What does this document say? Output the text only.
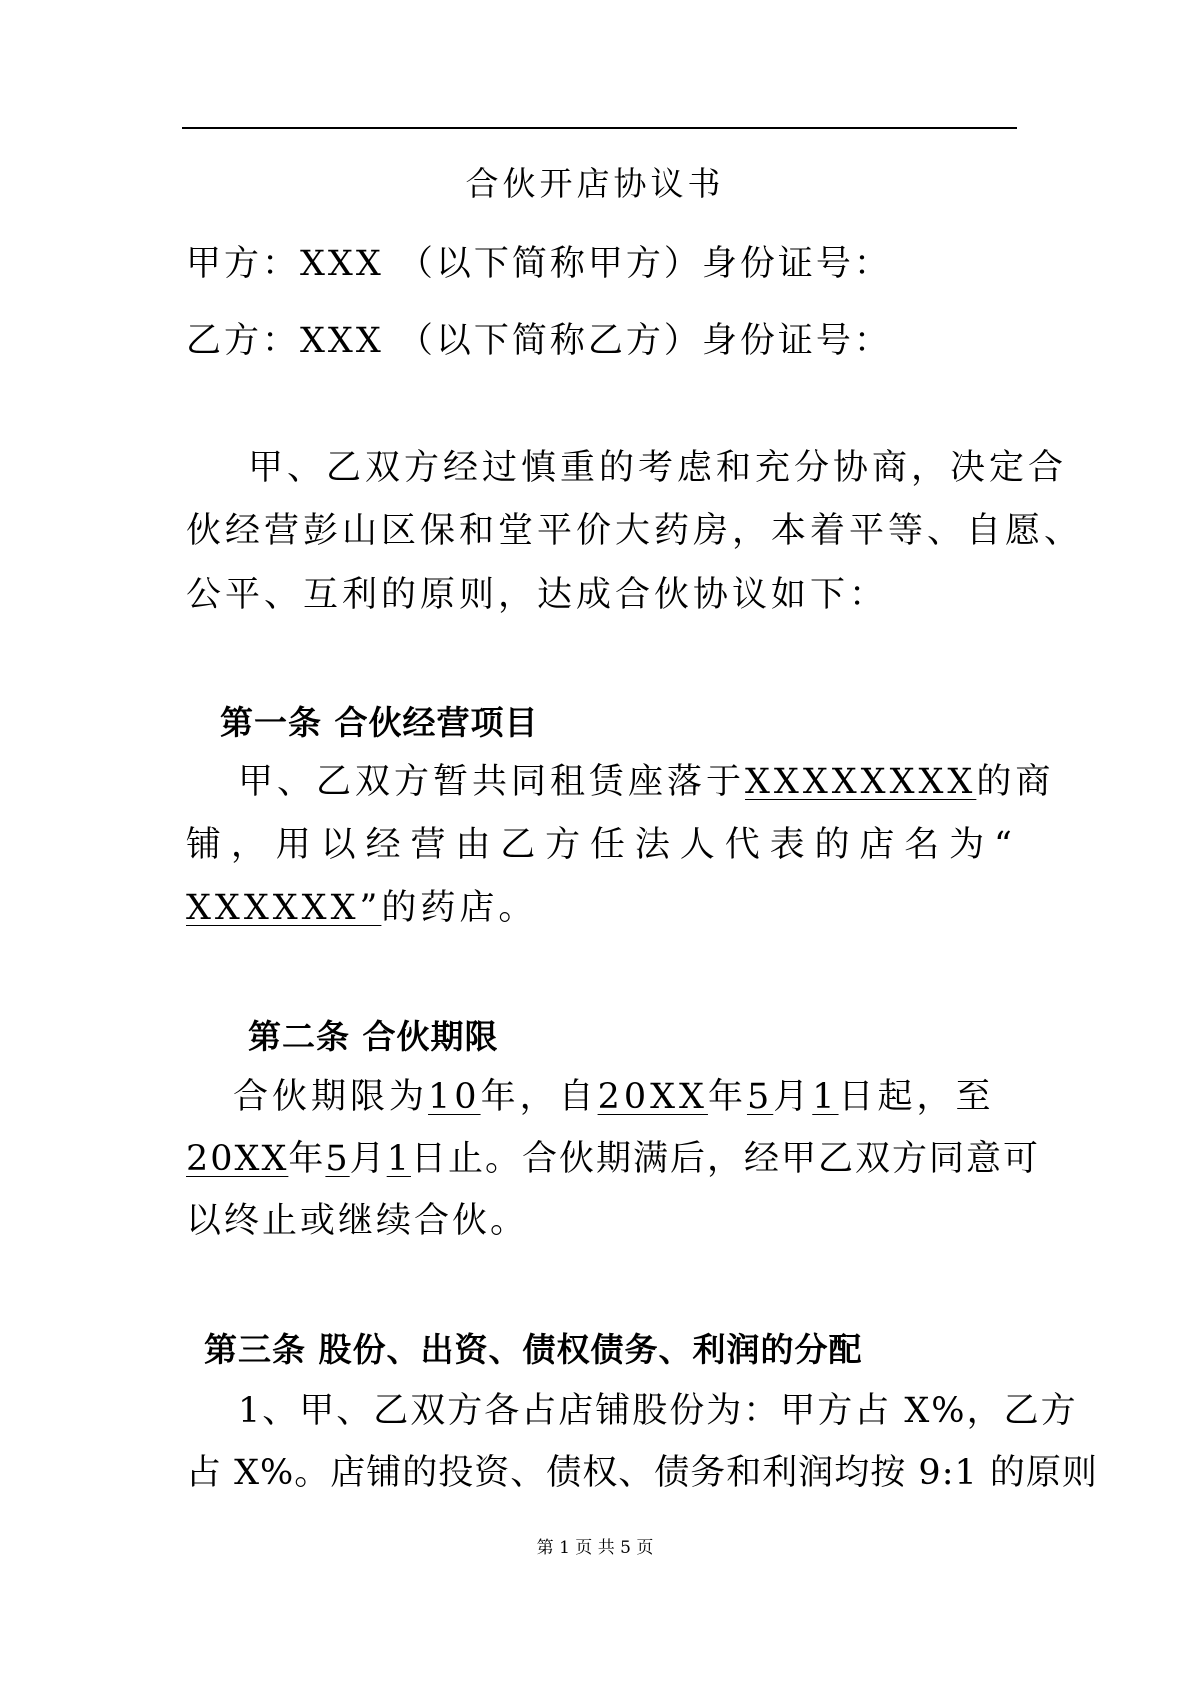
合伙开店协议书
甲方：XXX （以下简称甲方）身份证号：
乙方：XXX （以下简称乙方）身份证号：
甲、乙双方经过慎重的考虑和充分协商，决定合
伙经营彭山区保和堂平价大药房，本着平等、自愿、
公平、互利的原则，达成合伙协议如下：
第一条 合伙经营项目
甲、乙双方暂共同租赁座落于XXXXXXXX的商
铺 ， 用 以 经 营 由 乙 方 任 法 人 代 表 的 店 名 为 “
XXXXXX”的药店。
第二条 合伙期限
合伙期限为10年，自20XX年5月1日起，至
20XX年5月1日止。合伙期满后，经甲乙双方同意可
以终止或继续合伙。
第三条 股份、出资、债权债务、利润的分配
1、甲、乙双方各占店铺股份为：甲方占 X%，乙方
占 X%。店铺的投资、债权、债务和利润均按 9:1 的原则
第 1 页 共 5 页
